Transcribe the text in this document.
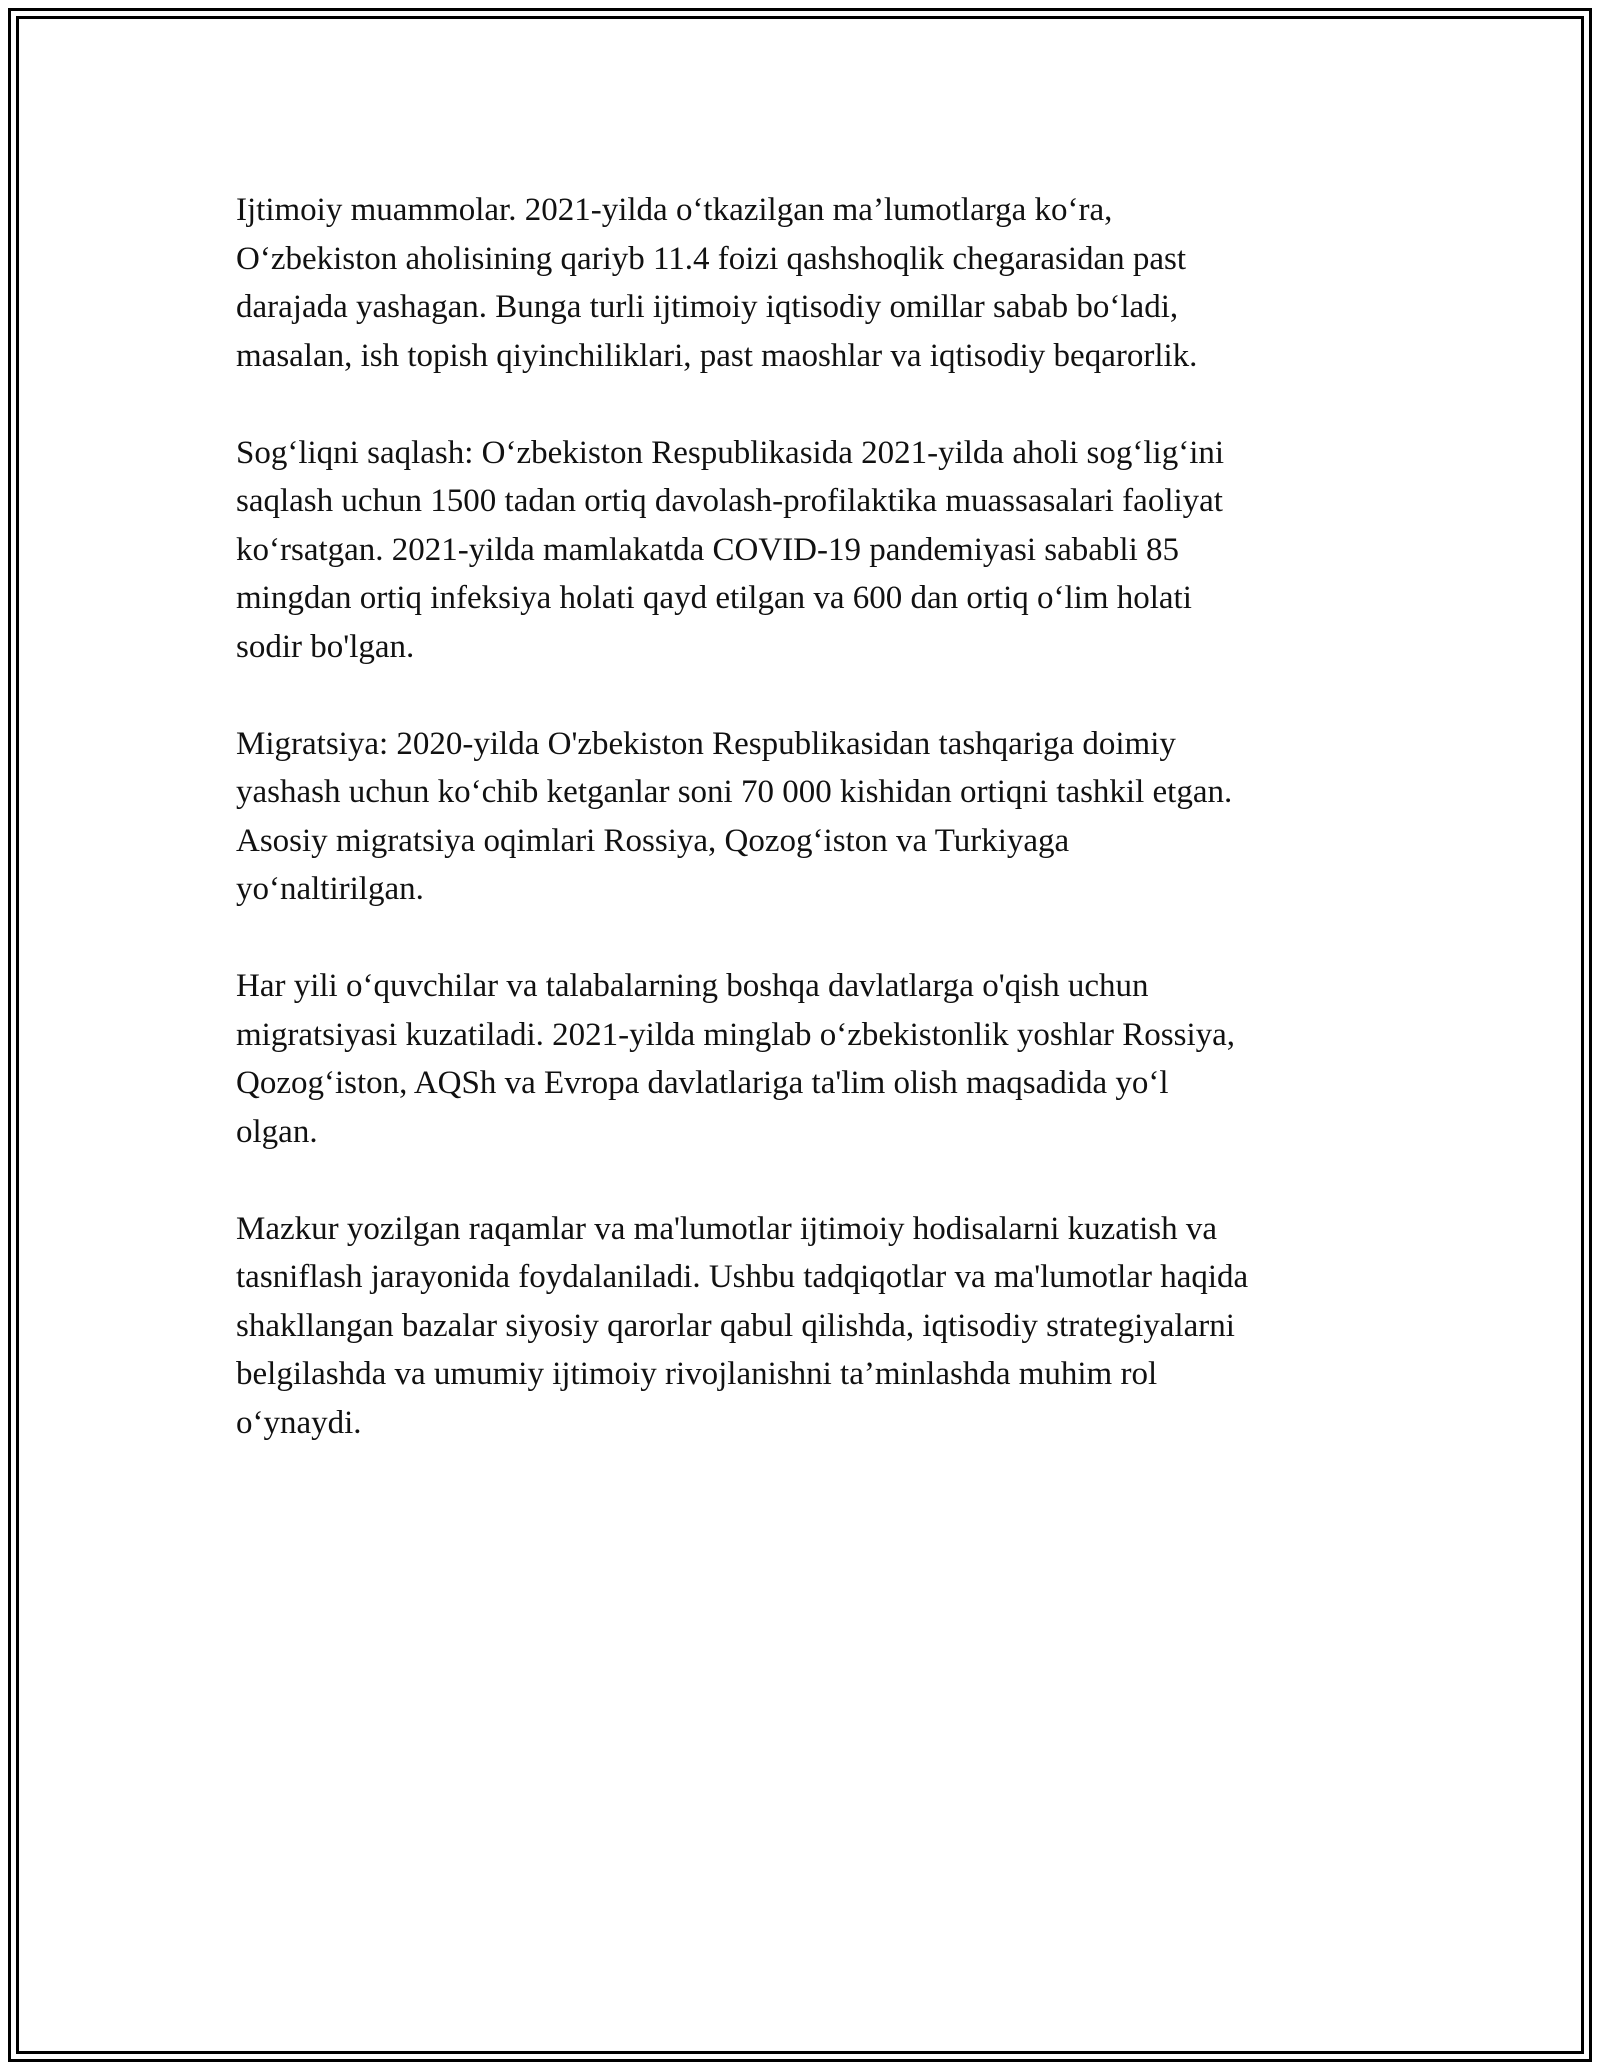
Ijtimoiy muammolar. 2021-yilda o‘tkazilgan ma’lumotlarga ko‘ra,
O‘zbekiston aholisining qariyb 11.4 foizi qashshoqlik chegarasidan past
darajada yashagan. Bunga turli ijtimoiy iqtisodiy omillar sabab bo‘ladi,
masalan, ish topish qiyinchiliklari, past maoshlar va iqtisodiy beqarorlik.

Sog‘liqni saqlash: O‘zbekiston Respublikasida 2021-yilda aholi sog‘lig‘ini
saqlash uchun 1500 tadan ortiq davolash-profilaktika muassasalari faoliyat
ko‘rsatgan. 2021-yilda mamlakatda COVID-19 pandemiyasi sababli 85
mingdan ortiq infeksiya holati qayd etilgan va 600 dan ortiq o‘lim holati
sodir bo'lgan.

Migratsiya: 2020-yilda O'zbekiston Respublikasidan tashqariga doimiy
yashash uchun ko‘chib ketganlar soni 70 000 kishidan ortiqni tashkil etgan.
Asosiy migratsiya oqimlari Rossiya, Qozog‘iston va Turkiyaga
yo‘naltirilgan.

Har yili o‘quvchilar va talabalarning boshqa davlatlarga o'qish uchun
migratsiyasi kuzatiladi. 2021-yilda minglab o‘zbekistonlik yoshlar Rossiya,
Qozog‘iston, AQSh va Evropa davlatlariga ta'lim olish maqsadida yo‘l
olgan.

Mazkur yozilgan raqamlar va ma'lumotlar ijtimoiy hodisalarni kuzatish va
tasniflash jarayonida foydalaniladi. Ushbu tadqiqotlar va ma'lumotlar haqida
shakllangan bazalar siyosiy qarorlar qabul qilishda, iqtisodiy strategiyalarni
belgilashda va umumiy ijtimoiy rivojlanishni ta’minlashda muhim rol
o‘ynaydi.
